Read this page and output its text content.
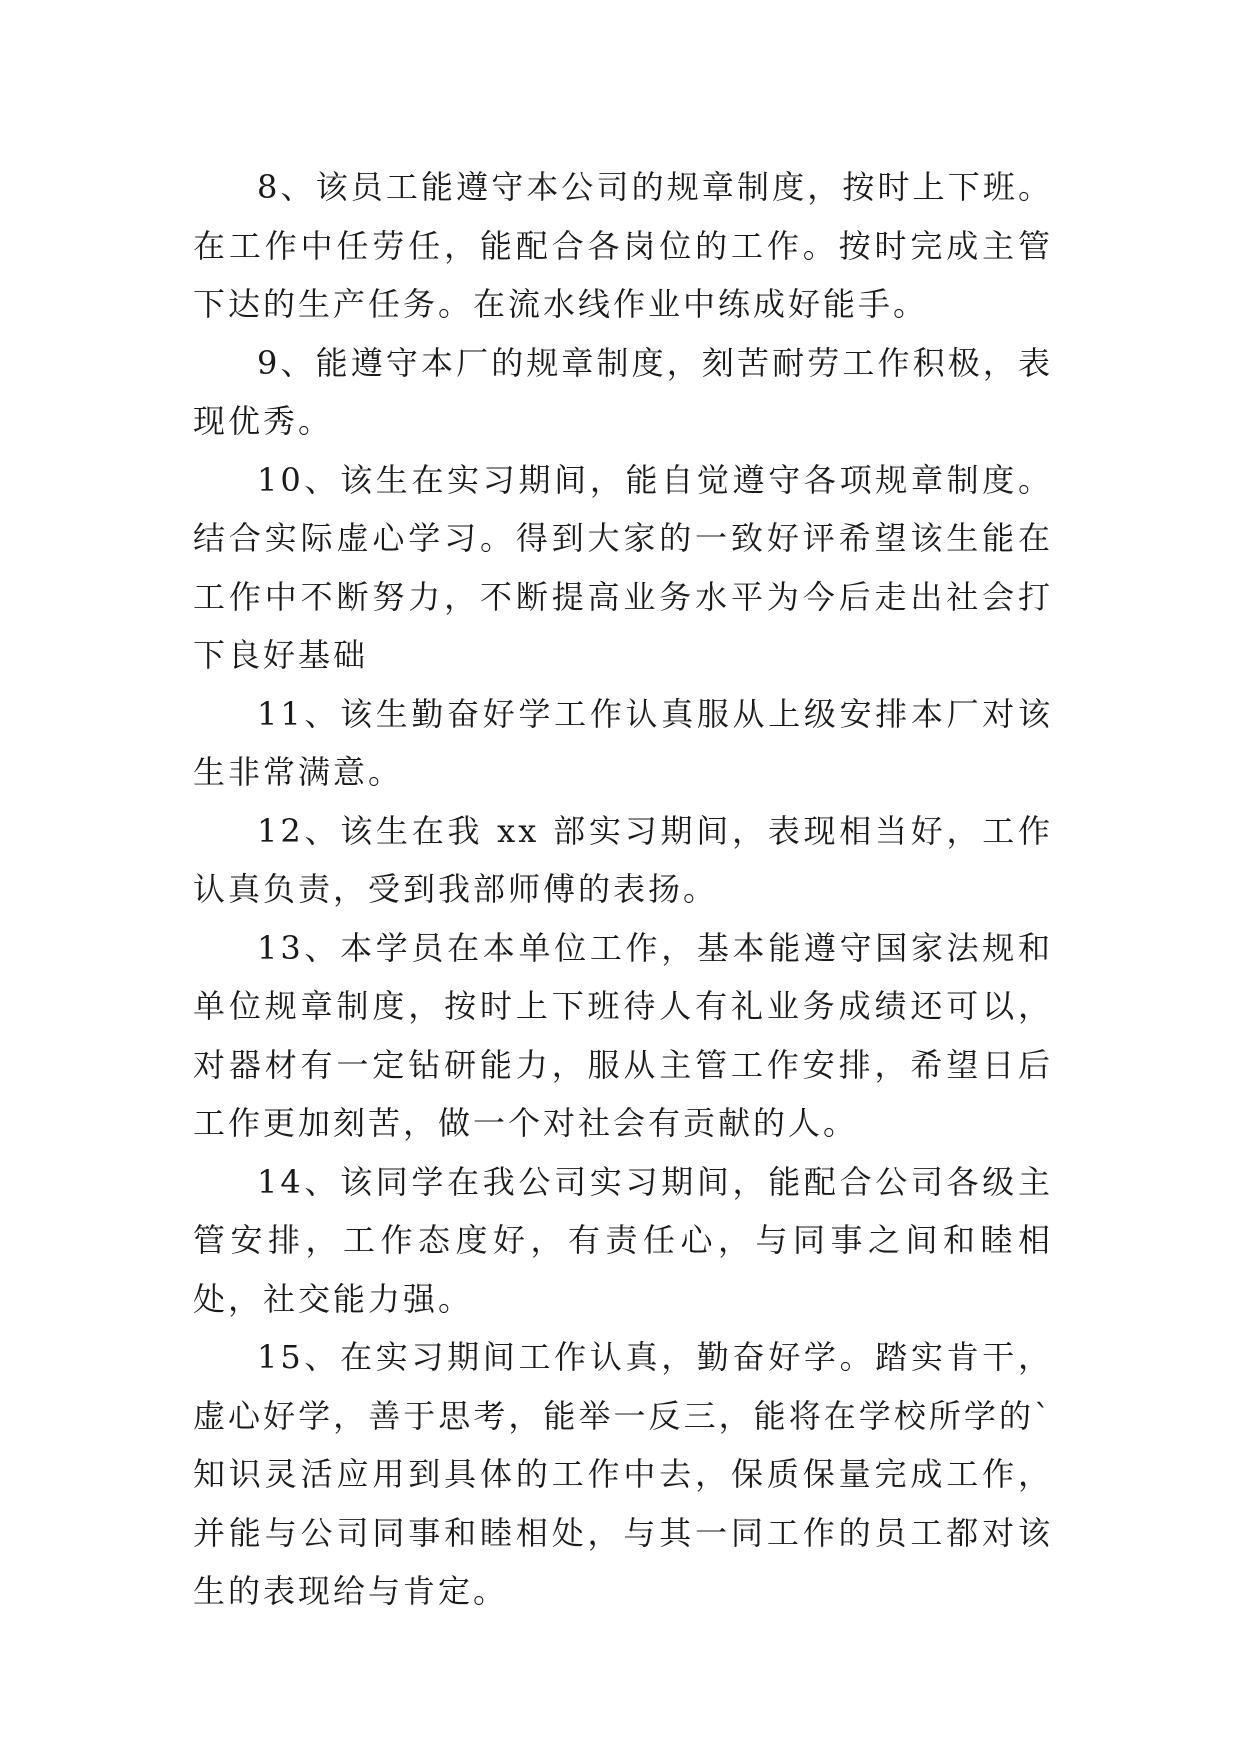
8、该员工能遵守本公司的规章制度，按时上下班。在工作中任劳任，能配合各岗位的工作。按时完成主管下达的生产任务。在流水线作业中练成好能手。

9、能遵守本厂的规章制度，刻苦耐劳工作积极，表现优秀。

10、该生在实习期间，能自觉遵守各项规章制度。结合实际虚心学习。得到大家的一致好评希望该生能在工作中不断努力，不断提高业务水平为今后走出社会打下良好基础

11、该生勤奋好学工作认真服从上级安排本厂对该生非常满意。

12、该生在我 xx 部实习期间，表现相当好，工作认真负责，受到我部师傅的表扬。

13、本学员在本单位工作，基本能遵守国家法规和单位规章制度，按时上下班待人有礼业务成绩还可以，对器材有一定钻研能力，服从主管工作安排，希望日后工作更加刻苦，做一个对社会有贡献的人。

14、该同学在我公司实习期间，能配合公司各级主管安排，工作态度好，有责任心，与同事之间和睦相处，社交能力强。

15、在实习期间工作认真，勤奋好学。踏实肯干，虚心好学，善于思考，能举一反三，能将在学校所学的`知识灵活应用到具体的工作中去，保质保量完成工作，并能与公司同事和睦相处，与其一同工作的员工都对该生的表现给与肯定。
